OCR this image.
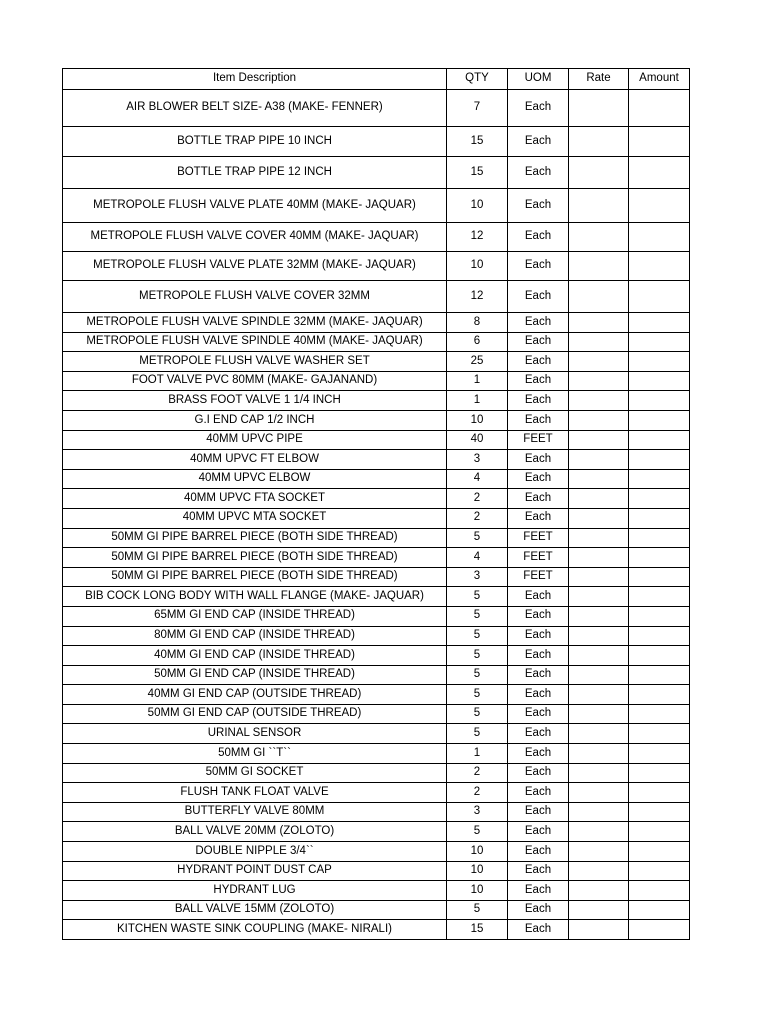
Item Description	QTY	UOM	Rate	Amount
AIR BLOWER BELT SIZE- A38 (MAKE- FENNER)	7	Each		
BOTTLE TRAP PIPE 10 INCH	15	Each		
BOTTLE TRAP PIPE 12 INCH	15	Each		
METROPOLE FLUSH VALVE PLATE 40MM (MAKE- JAQUAR)	10	Each		
METROPOLE FLUSH VALVE COVER 40MM (MAKE- JAQUAR)	12	Each		
METROPOLE FLUSH VALVE PLATE 32MM (MAKE- JAQUAR)	10	Each		
METROPOLE FLUSH VALVE COVER 32MM	12	Each		
METROPOLE FLUSH VALVE SPINDLE 32MM (MAKE- JAQUAR)	8	Each		
METROPOLE FLUSH VALVE SPINDLE 40MM (MAKE- JAQUAR)	6	Each		
METROPOLE FLUSH VALVE WASHER SET	25	Each		
FOOT VALVE PVC 80MM (MAKE- GAJANAND)	1	Each		
BRASS FOOT VALVE 1 1/4 INCH	1	Each		
G.I END CAP 1/2 INCH	10	Each		
40MM UPVC PIPE	40	FEET		
40MM UPVC FT ELBOW	3	Each		
40MM UPVC ELBOW	4	Each		
40MM UPVC FTA SOCKET	2	Each		
40MM UPVC MTA SOCKET	2	Each		
50MM GI PIPE BARREL PIECE (BOTH SIDE THREAD)	5	FEET		
50MM GI PIPE BARREL PIECE (BOTH SIDE THREAD)	4	FEET		
50MM GI PIPE BARREL PIECE (BOTH SIDE THREAD)	3	FEET		
BIB COCK LONG BODY WITH WALL FLANGE (MAKE- JAQUAR)	5	Each		
65MM GI END CAP (INSIDE THREAD)	5	Each		
80MM GI END CAP (INSIDE THREAD)	5	Each		
40MM GI END CAP (INSIDE THREAD)	5	Each		
50MM GI END CAP (INSIDE THREAD)	5	Each		
40MM GI END CAP (OUTSIDE THREAD)	5	Each		
50MM GI END CAP (OUTSIDE THREAD)	5	Each		
URINAL SENSOR	5	Each		
50MM GI ``T``	1	Each		
50MM GI SOCKET	2	Each		
FLUSH TANK FLOAT VALVE	2	Each		
BUTTERFLY VALVE 80MM	3	Each		
BALL VALVE 20MM (ZOLOTO)	5	Each		
DOUBLE NIPPLE 3/4``	10	Each		
HYDRANT POINT DUST CAP	10	Each		
HYDRANT LUG	10	Each		
BALL VALVE 15MM (ZOLOTO)	5	Each		
KITCHEN WASTE SINK COUPLING (MAKE- NIRALI)	15	Each		
